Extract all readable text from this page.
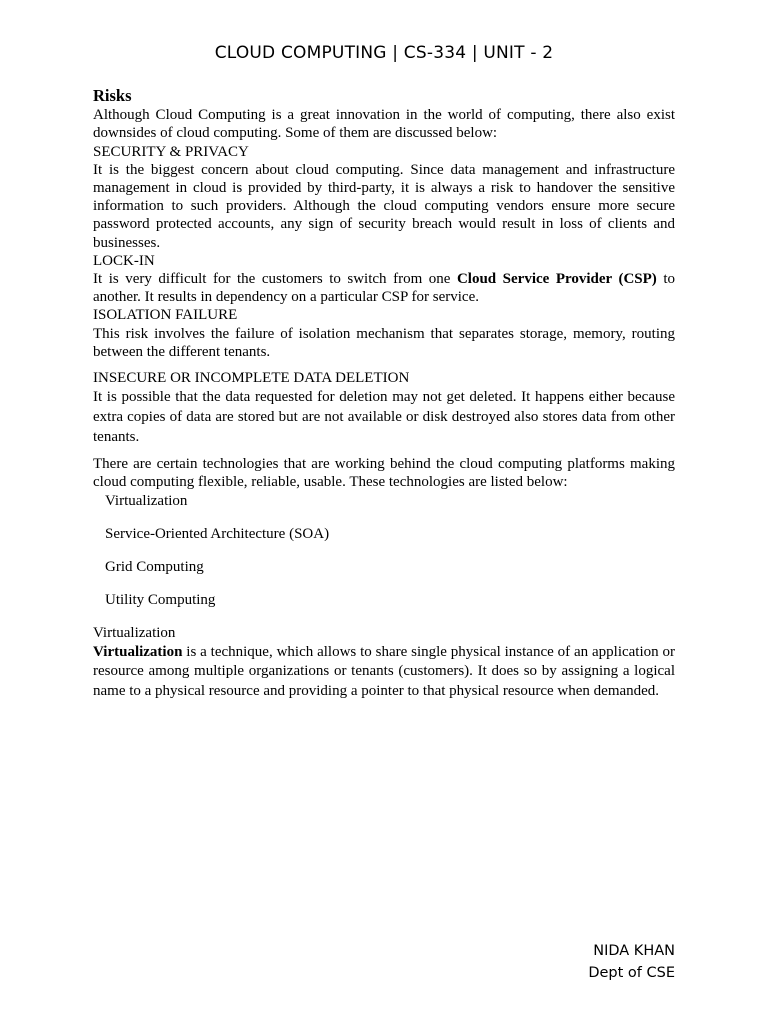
CLOUD COMPUTING | CS-334 | UNIT - 2
Risks

Although Cloud Computing is a great innovation in the world of computing, there also exist downsides of cloud computing. Some of them are discussed below:

SECURITY & PRIVACY

It is the biggest concern about cloud computing. Since data management and infrastructure management in cloud is provided by third-party, it is always a risk to handover the sensitive information to such providers. Although the cloud computing vendors ensure more secure password protected accounts, any sign of security breach would result in loss of clients and businesses.

LOCK-IN

It is very difficult for the customers to switch from one Cloud Service Provider (CSP) to another. It results in dependency on a particular CSP for service.

ISOLATION FAILURE

This risk involves the failure of isolation mechanism that separates storage, memory, routing between the different tenants.

INSECURE OR INCOMPLETE DATA DELETION

It is possible that the data requested for deletion may not get deleted. It happens either because extra copies of data are stored but are not available or disk destroyed also stores data from other tenants.

There are certain technologies that are working behind the cloud computing platforms making cloud computing flexible, reliable, usable. These technologies are listed below:

Virtualization
Service-Oriented Architecture (SOA)
Grid Computing
Utility Computing
Virtualization

Virtualization is a technique, which allows to share single physical instance of an application or resource among multiple organizations or tenants (customers). It does so by assigning a logical name to a physical resource and providing a pointer to that physical resource when demanded.

NIDA KHAN
Dept of CSE
